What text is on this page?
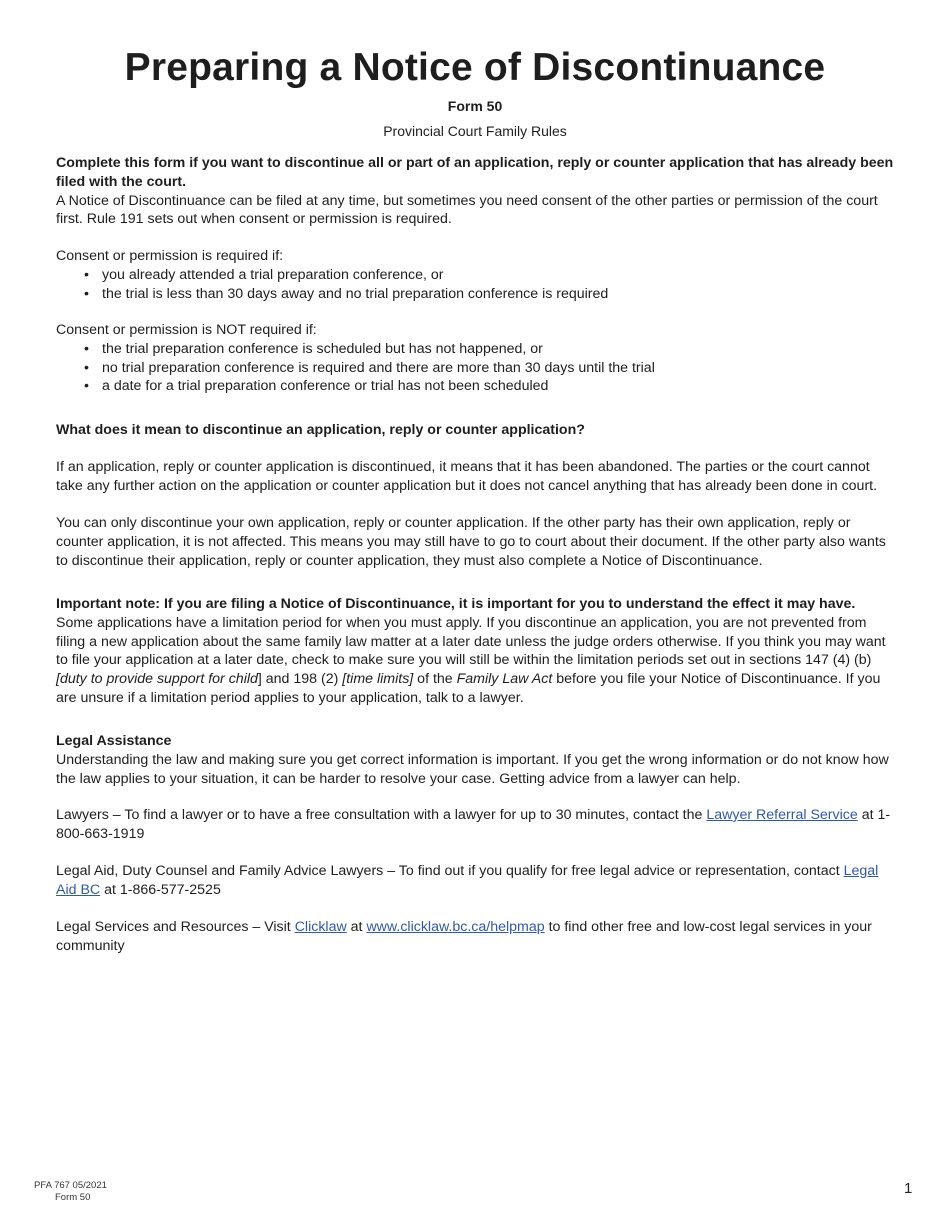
Preparing a Notice of Discontinuance
Form 50
Provincial Court Family Rules

Complete this form if you want to discontinue all or part of an application, reply or counter application that has already been filed with the court.

A Notice of Discontinuance can be filed at any time, but sometimes you need consent of the other parties or permission of the court first. Rule 191 sets out when consent or permission is required.

Consent or permission is required if:

• you already attended a trial preparation conference, or
• the trial is less than 30 days away and no trial preparation conference is required

Consent or permission is NOT required if:

• the trial preparation conference is scheduled but has not happened, or
• no trial preparation conference is required and there are more than 30 days until the trial
• a date for a trial preparation conference or trial has not been scheduled

What does it mean to discontinue an application, reply or counter application?

If an application, reply or counter application is discontinued, it means that it has been abandoned. The parties or the court cannot take any further action on the application or counter application but it does not cancel anything that has already been done in court.

You can only discontinue your own application, reply or counter application. If the other party has their own application, reply or counter application, it is not affected. This means you may still have to go to court about their document. If the other party also wants to discontinue their application, reply or counter application, they must also complete a Notice of Discontinuance.

Important note: If you are filing a Notice of Discontinuance, it is important for you to understand the effect it may have.

Some applications have a limitation period for when you must apply. If you discontinue an application, you are not prevented from filing a new application about the same family law matter at a later date unless the judge orders otherwise. If you think you may want to file your application at a later date, check to make sure you will still be within the limitation periods set out in sections 147 (4) (b) [duty to provide support for child] and 198 (2) [time limits] of the Family Law Act before you file your Notice of Discontinuance. If you are unsure if a limitation period applies to your application, talk to a lawyer.

Legal Assistance

Understanding the law and making sure you get correct information is important. If you get the wrong information or do not know how the law applies to your situation, it can be harder to resolve your case. Getting advice from a lawyer can help.

Lawyers – To find a lawyer or to have a free consultation with a lawyer for up to 30 minutes, contact the Lawyer Referral Service at 1-800-663-1919

Legal Aid, Duty Counsel and Family Advice Lawyers – To find out if you qualify for free legal advice or representation, contact Legal Aid BC at 1-866-577-2525

Legal Services and Resources – Visit Clicklaw at www.clicklaw.bc.ca/helpmap to find other free and low-cost legal services in your community

PFA 767 05/2021
Form 50
1
